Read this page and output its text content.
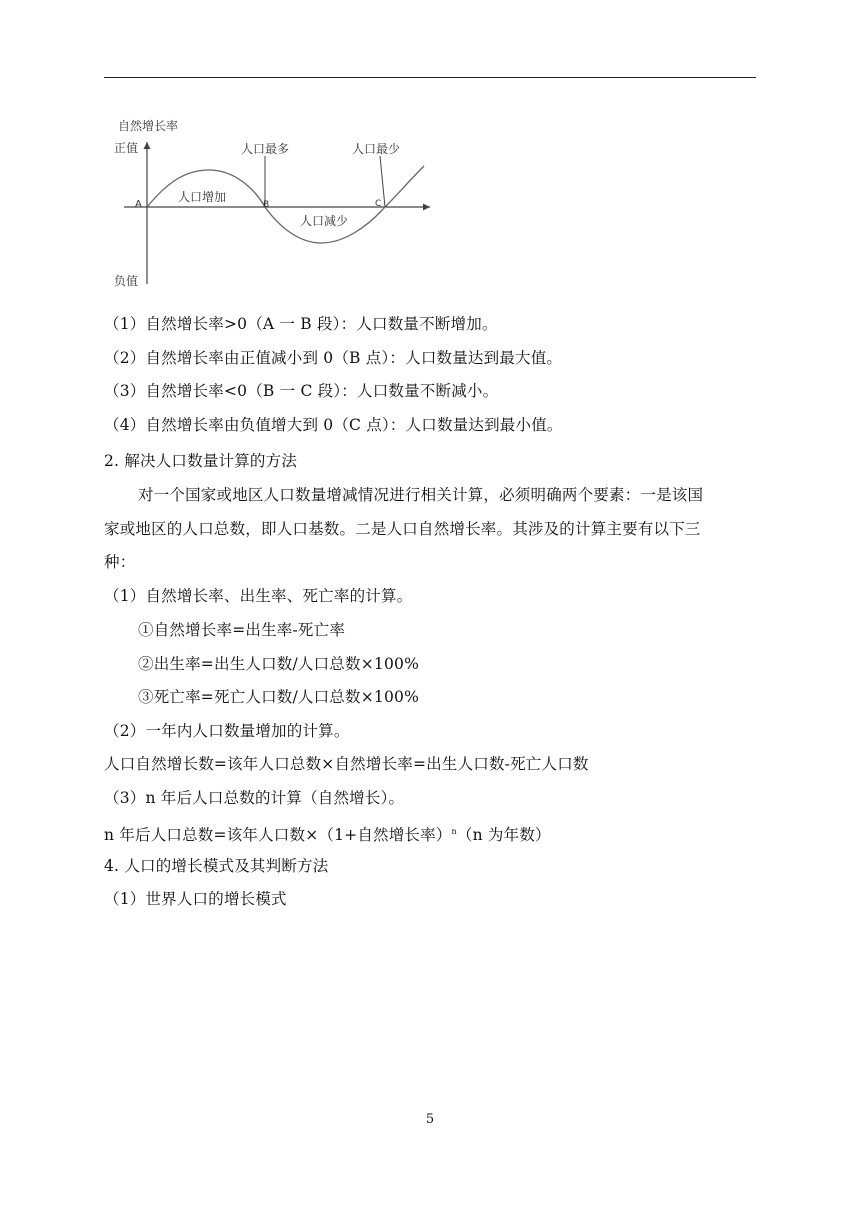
自然增长率
正值
负值
A	B	C
人口最多	人口最少
人口增加
人口减少
（1）自然增长率>0（A 一 B 段）：人口数量不断增加。
（2）自然增长率由正值减小到 0（B 点）：人口数量达到最大值。
（3）自然增长率<0（B 一 C 段）：人口数量不断减小。
（4）自然增长率由负值增大到 0（C 点）：人口数量达到最小值。
2. 解决人口数量计算的方法
对一个国家或地区人口数量增减情况进行相关计算，必须明确两个要素：一是该国
家或地区的人口总数，即人口基数。二是人口自然增长率。其涉及的计算主要有以下三
种：
（1）自然增长率、出生率、死亡率的计算。
①自然增长率=出生率-死亡率
②出生率=出生人口数/人口总数×100%
③死亡率=死亡人口数/人口总数×100%
（2）一年内人口数量增加的计算。
人口自然增长数=该年人口总数×自然增长率=出生人口数-死亡人口数
（3）n 年后人口总数的计算（自然增长）。
n 年后人口总数=该年人口数×（1+自然增长率）$^n$（n 为年数）
4. 人口的增长模式及其判断方法
（1）世界人口的增长模式
5
